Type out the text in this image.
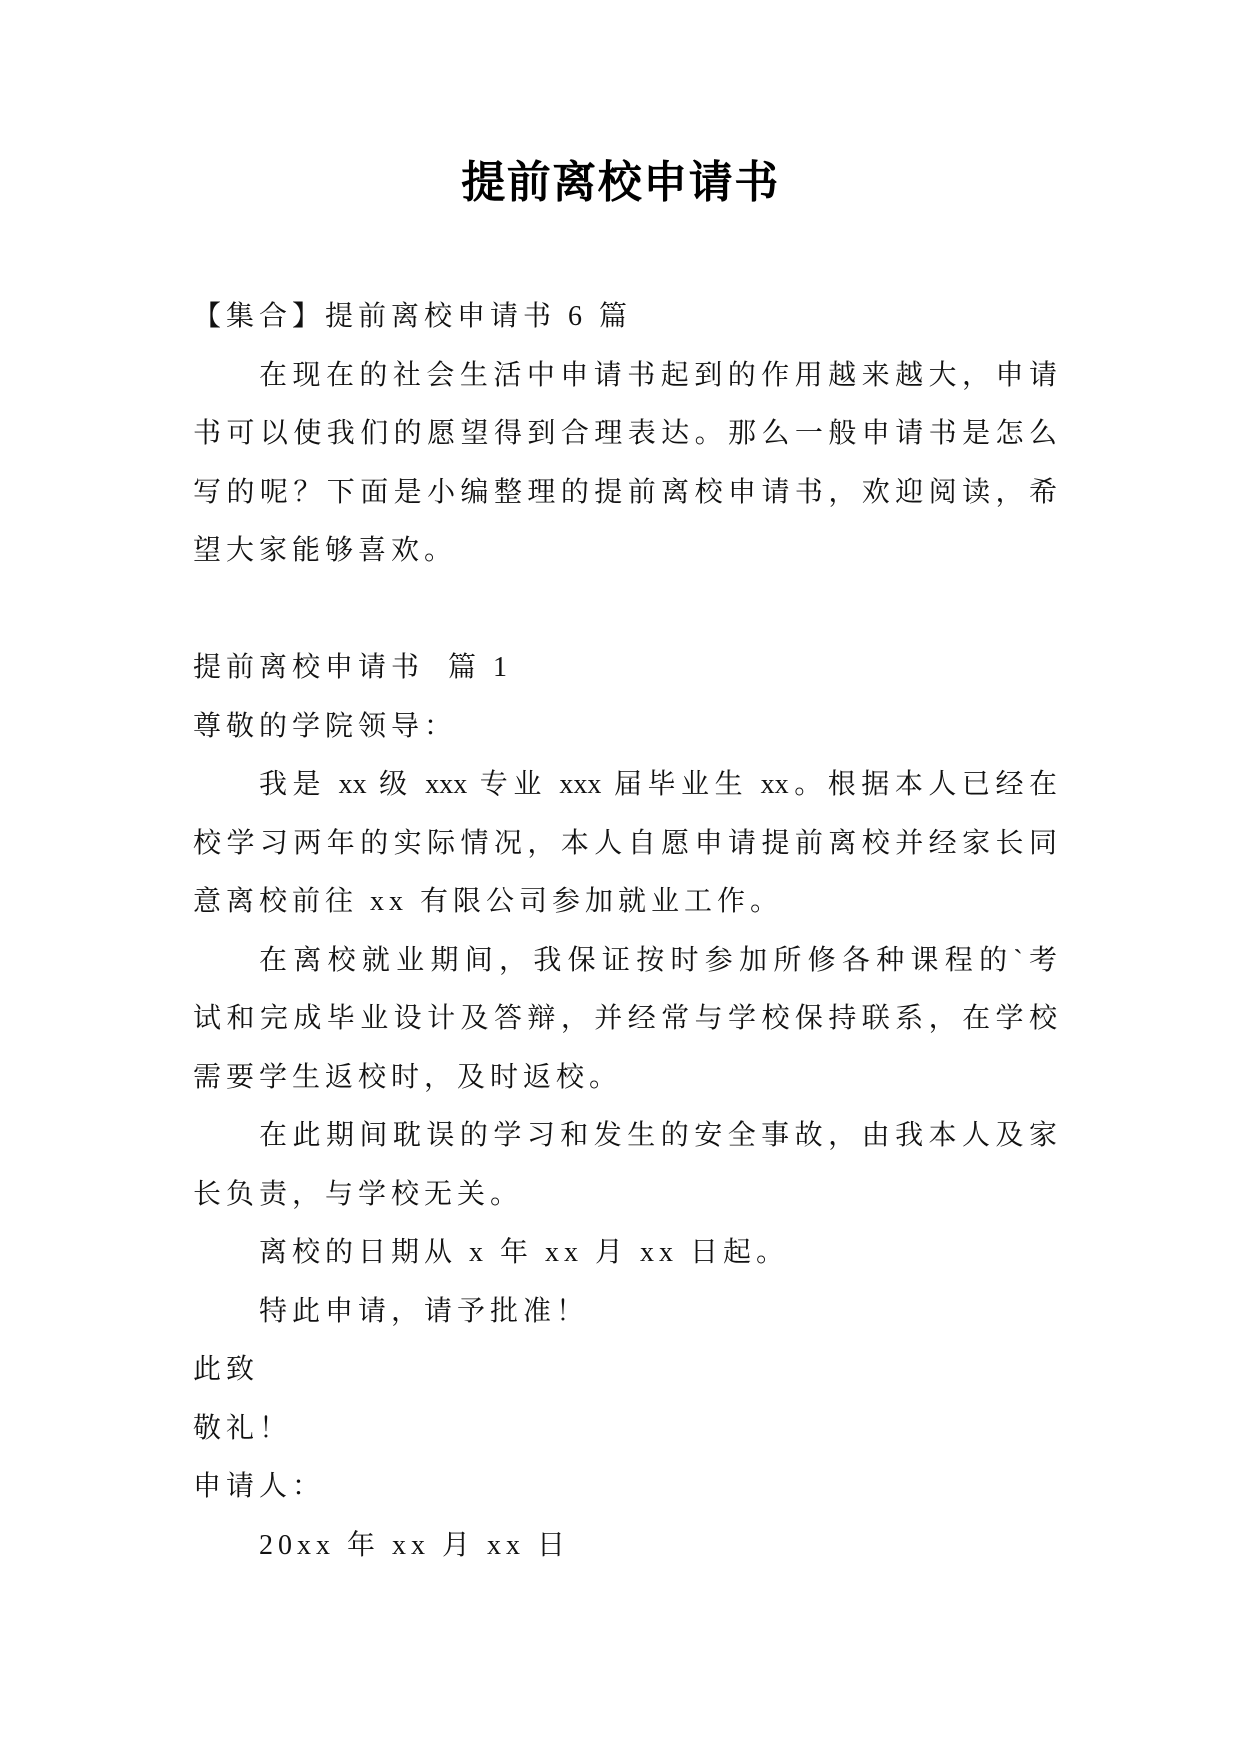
提前离校申请书
【集合】提前离校申请书 6 篇
在现在的社会生活中申请书起到的作用越来越大，申请
书可以使我们的愿望得到合理表达。那么一般申请书是怎么
写的呢？下面是小编整理的提前离校申请书，欢迎阅读，希
望大家能够喜欢。
提前离校申请书  篇 1
尊敬的学院领导：
我是 xx 级 xxx 专业 xxx 届毕业生 xx。根据本人已经在
校学习两年的实际情况，本人自愿申请提前离校并经家长同
意离校前往 xx 有限公司参加就业工作。
在离校就业期间，我保证按时参加所修各种课程的`考
试和完成毕业设计及答辩，并经常与学校保持联系，在学校
需要学生返校时，及时返校。
在此期间耽误的学习和发生的安全事故，由我本人及家
长负责，与学校无关。
离校的日期从 x 年 xx 月 xx 日起。
特此申请，请予批准！
此致
敬礼！
申请人：
20xx 年 xx 月 xx 日
